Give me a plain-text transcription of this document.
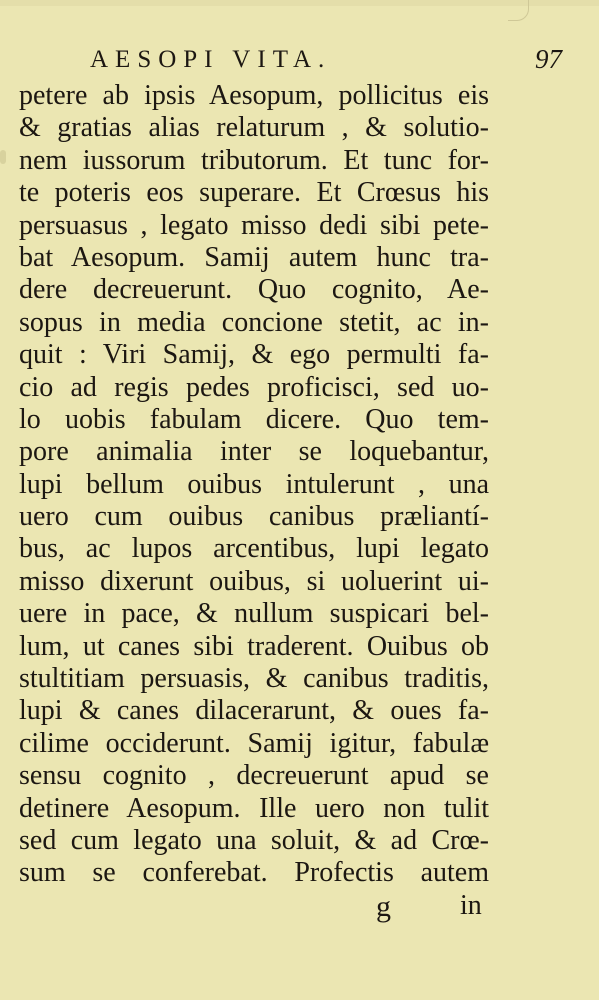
AESOPI VITA.	97
petere ab ipsis Aesopum, pollicitus eis
& gratias alias relaturum , & solutio-
nem iussorum tributorum. Et tunc for-
te poteris eos superare. Et Crœsus his
persuasus , legato misso dedi sibi pete-
bat Aesopum. Samij autem hunc tra-
dere decreuerunt. Quo cognito, Ae-
sopus in media concione stetit, ac in-
quit : Viri Samij, & ego permulti fa-
cio ad regis pedes proficisci, sed uo-
lo uobis fabulam dicere. Quo tem-
pore animalia inter se loquebantur,
lupi bellum ouibus intulerunt , una
uero cum ouibus canibus præliantí-
bus, ac lupos arcentibus, lupi legato
misso dixerunt ouibus, si uoluerint ui-
uere in pace, & nullum suspicari bel-
lum, ut canes sibi traderent. Ouibus ob
stultitiam persuasis, & canibus traditis,
lupi & canes dilacerarunt, & oues fa-
cilime occiderunt. Samij igitur, fabulæ
sensu cognito , decreuerunt apud se
detinere Aesopum. Ille uero non tulit
sed cum legato una soluit, & ad Crœ-
sum se conferebat. Profectis autem
g in
